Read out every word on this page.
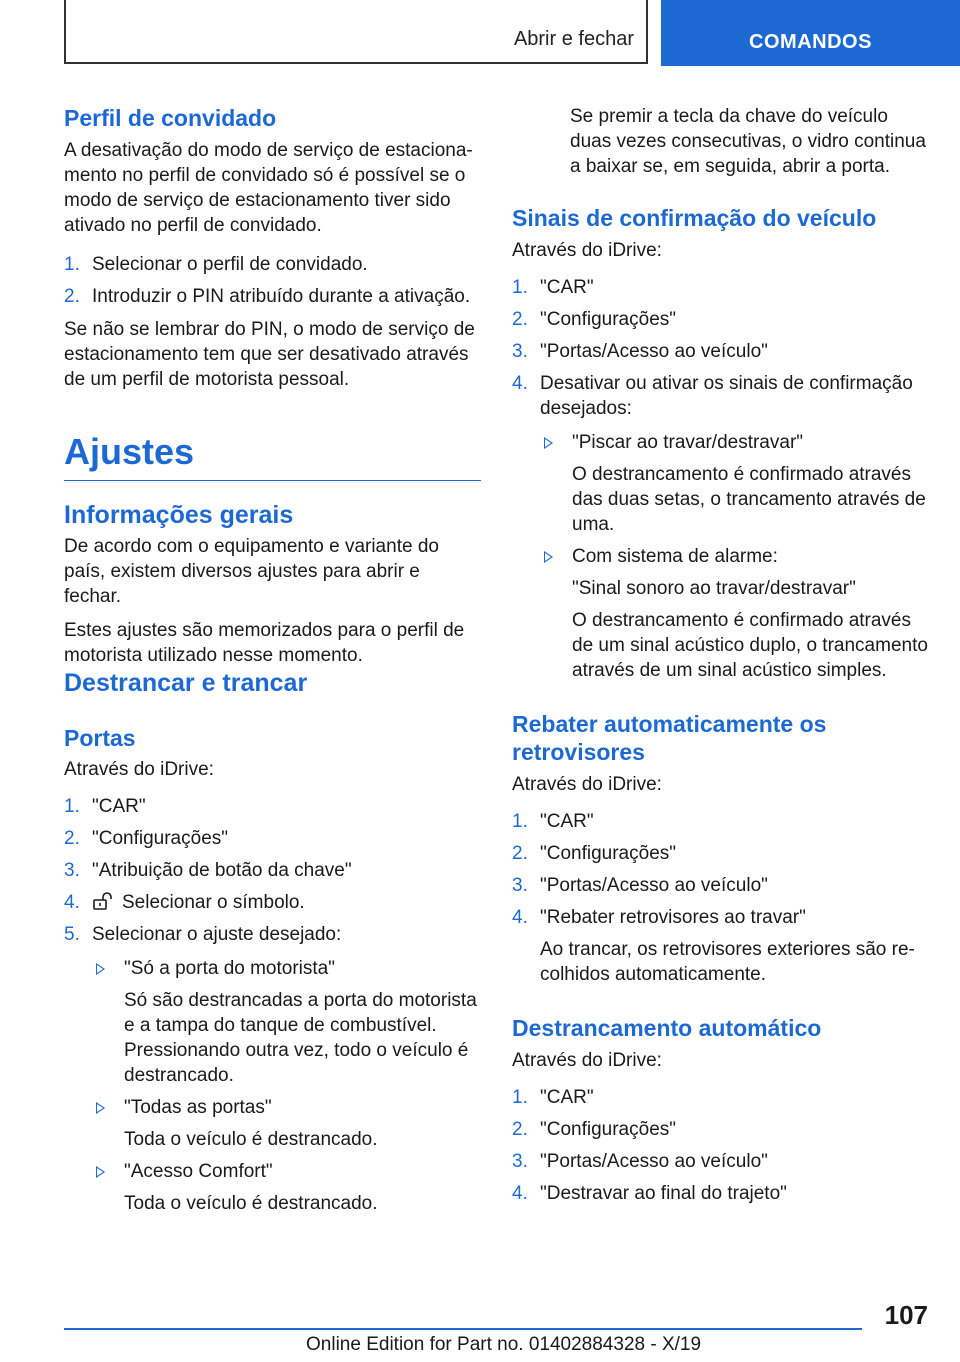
Abrir e fechar	COMANDOS
Perfil de convidado
A desativação do modo de serviço de estaciona‐
mento no perfil de convidado só é possível se o
modo de serviço de estacionamento tiver sido
ativado no perfil de convidado.
1. Selecionar o perfil de convidado.
2. Introduzir o PIN atribuído durante a ativação.
Se não se lembrar do PIN, o modo de serviço de
estacionamento tem que ser desativado através
de um perfil de motorista pessoal.
Ajustes
Informações gerais
De acordo com o equipamento e variante do
país, existem diversos ajustes para abrir e fechar.
Estes ajustes são memorizados para o perfil de
motorista utilizado nesse momento.
Destrancar e trancar
Portas
Através do iDrive:
1. "CAR"
2. "Configurações"
3. "Atribuição de botão da chave"
4. Selecionar o símbolo.
5. Selecionar o ajuste desejado:
"Só a porta do motorista"
Só são destrancadas a porta do motorista
e a tampa do tanque de combustível.
Pressionando outra vez, todo o veículo é
destrancado.
"Todas as portas"
Toda o veículo é destrancado.
"Acesso Comfort"
Toda o veículo é destrancado.
Se premir a tecla da chave do veículo
duas vezes consecutivas, o vidro continua
a baixar se, em seguida, abrir a porta.
Sinais de confirmação do veículo
Através do iDrive:
1. "CAR"
2. "Configurações"
3. "Portas/Acesso ao veículo"
4. Desativar ou ativar os sinais de confirmação
desejados:
"Piscar ao travar/destravar"
O destrancamento é confirmado através
das duas setas, o trancamento através de
uma.
Com sistema de alarme:
"Sinal sonoro ao travar/destravar"
O destrancamento é confirmado através
de um sinal acústico duplo, o trancamento
através de um sinal acústico simples.
Rebater automaticamente os
retrovisores
Através do iDrive:
1. "CAR"
2. "Configurações"
3. "Portas/Acesso ao veículo"
4. "Rebater retrovisores ao travar"
Ao trancar, os retrovisores exteriores são re‐
colhidos automaticamente.
Destrancamento automático
Através do iDrive:
1. "CAR"
2. "Configurações"
3. "Portas/Acesso ao veículo"
4. "Destravar ao final do trajeto"
107
Online Edition for Part no. 01402884328 - X/19
